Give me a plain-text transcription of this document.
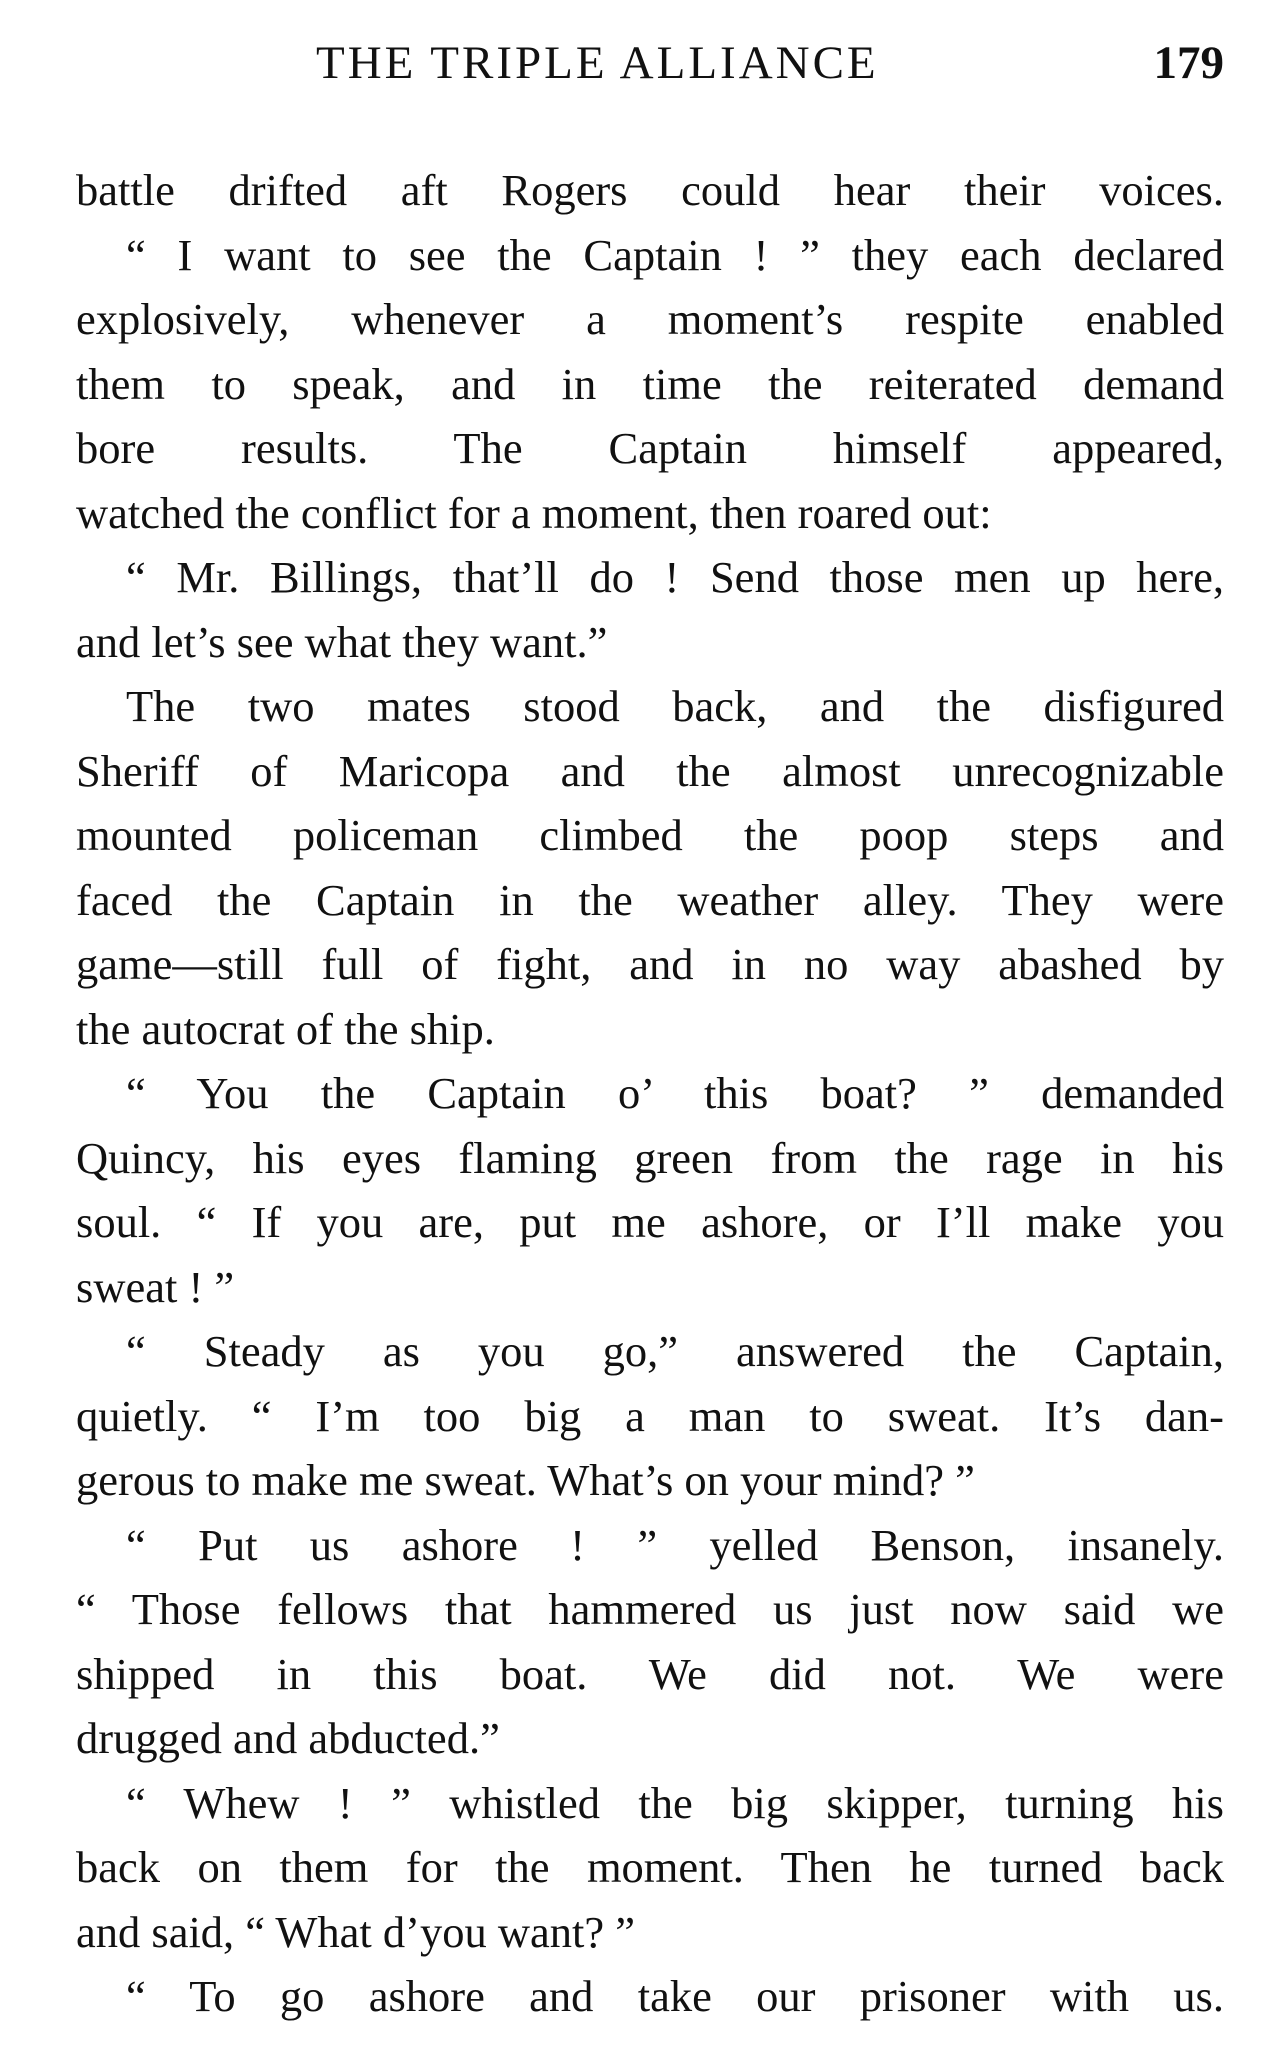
THE TRIPLE ALLIANCE	179
battle drifted aft Rogers could hear their voices.
“ I want to see the Captain ! ” they each declared
explosively, whenever a moment’s respite enabled
them to speak, and in time the reiterated demand
bore results. The Captain himself appeared,
watched the conflict for a moment, then roared out:
“ Mr. Billings, that’ll do ! Send those men up here,
and let’s see what they want.”
The two mates stood back, and the disfigured
Sheriff of Maricopa and the almost unrecognizable
mounted policeman climbed the poop steps and
faced the Captain in the weather alley. They were
game—still full of fight, and in no way abashed by
the autocrat of the ship.
“ You the Captain o’ this boat? ” demanded
Quincy, his eyes flaming green from the rage in his
soul. “ If you are, put me ashore, or I’ll make you
sweat ! ”
“ Steady as you go,” answered the Captain,
quietly. “ I’m too big a man to sweat. It’s dan-
gerous to make me sweat. What’s on your mind? ”
“ Put us ashore ! ” yelled Benson, insanely.
“ Those fellows that hammered us just now said we
shipped in this boat. We did not. We were
drugged and abducted.”
“ Whew ! ” whistled the big skipper, turning his
back on them for the moment. Then he turned back
and said, “ What d’you want? ”
“ To go ashore and take our prisoner with us.
